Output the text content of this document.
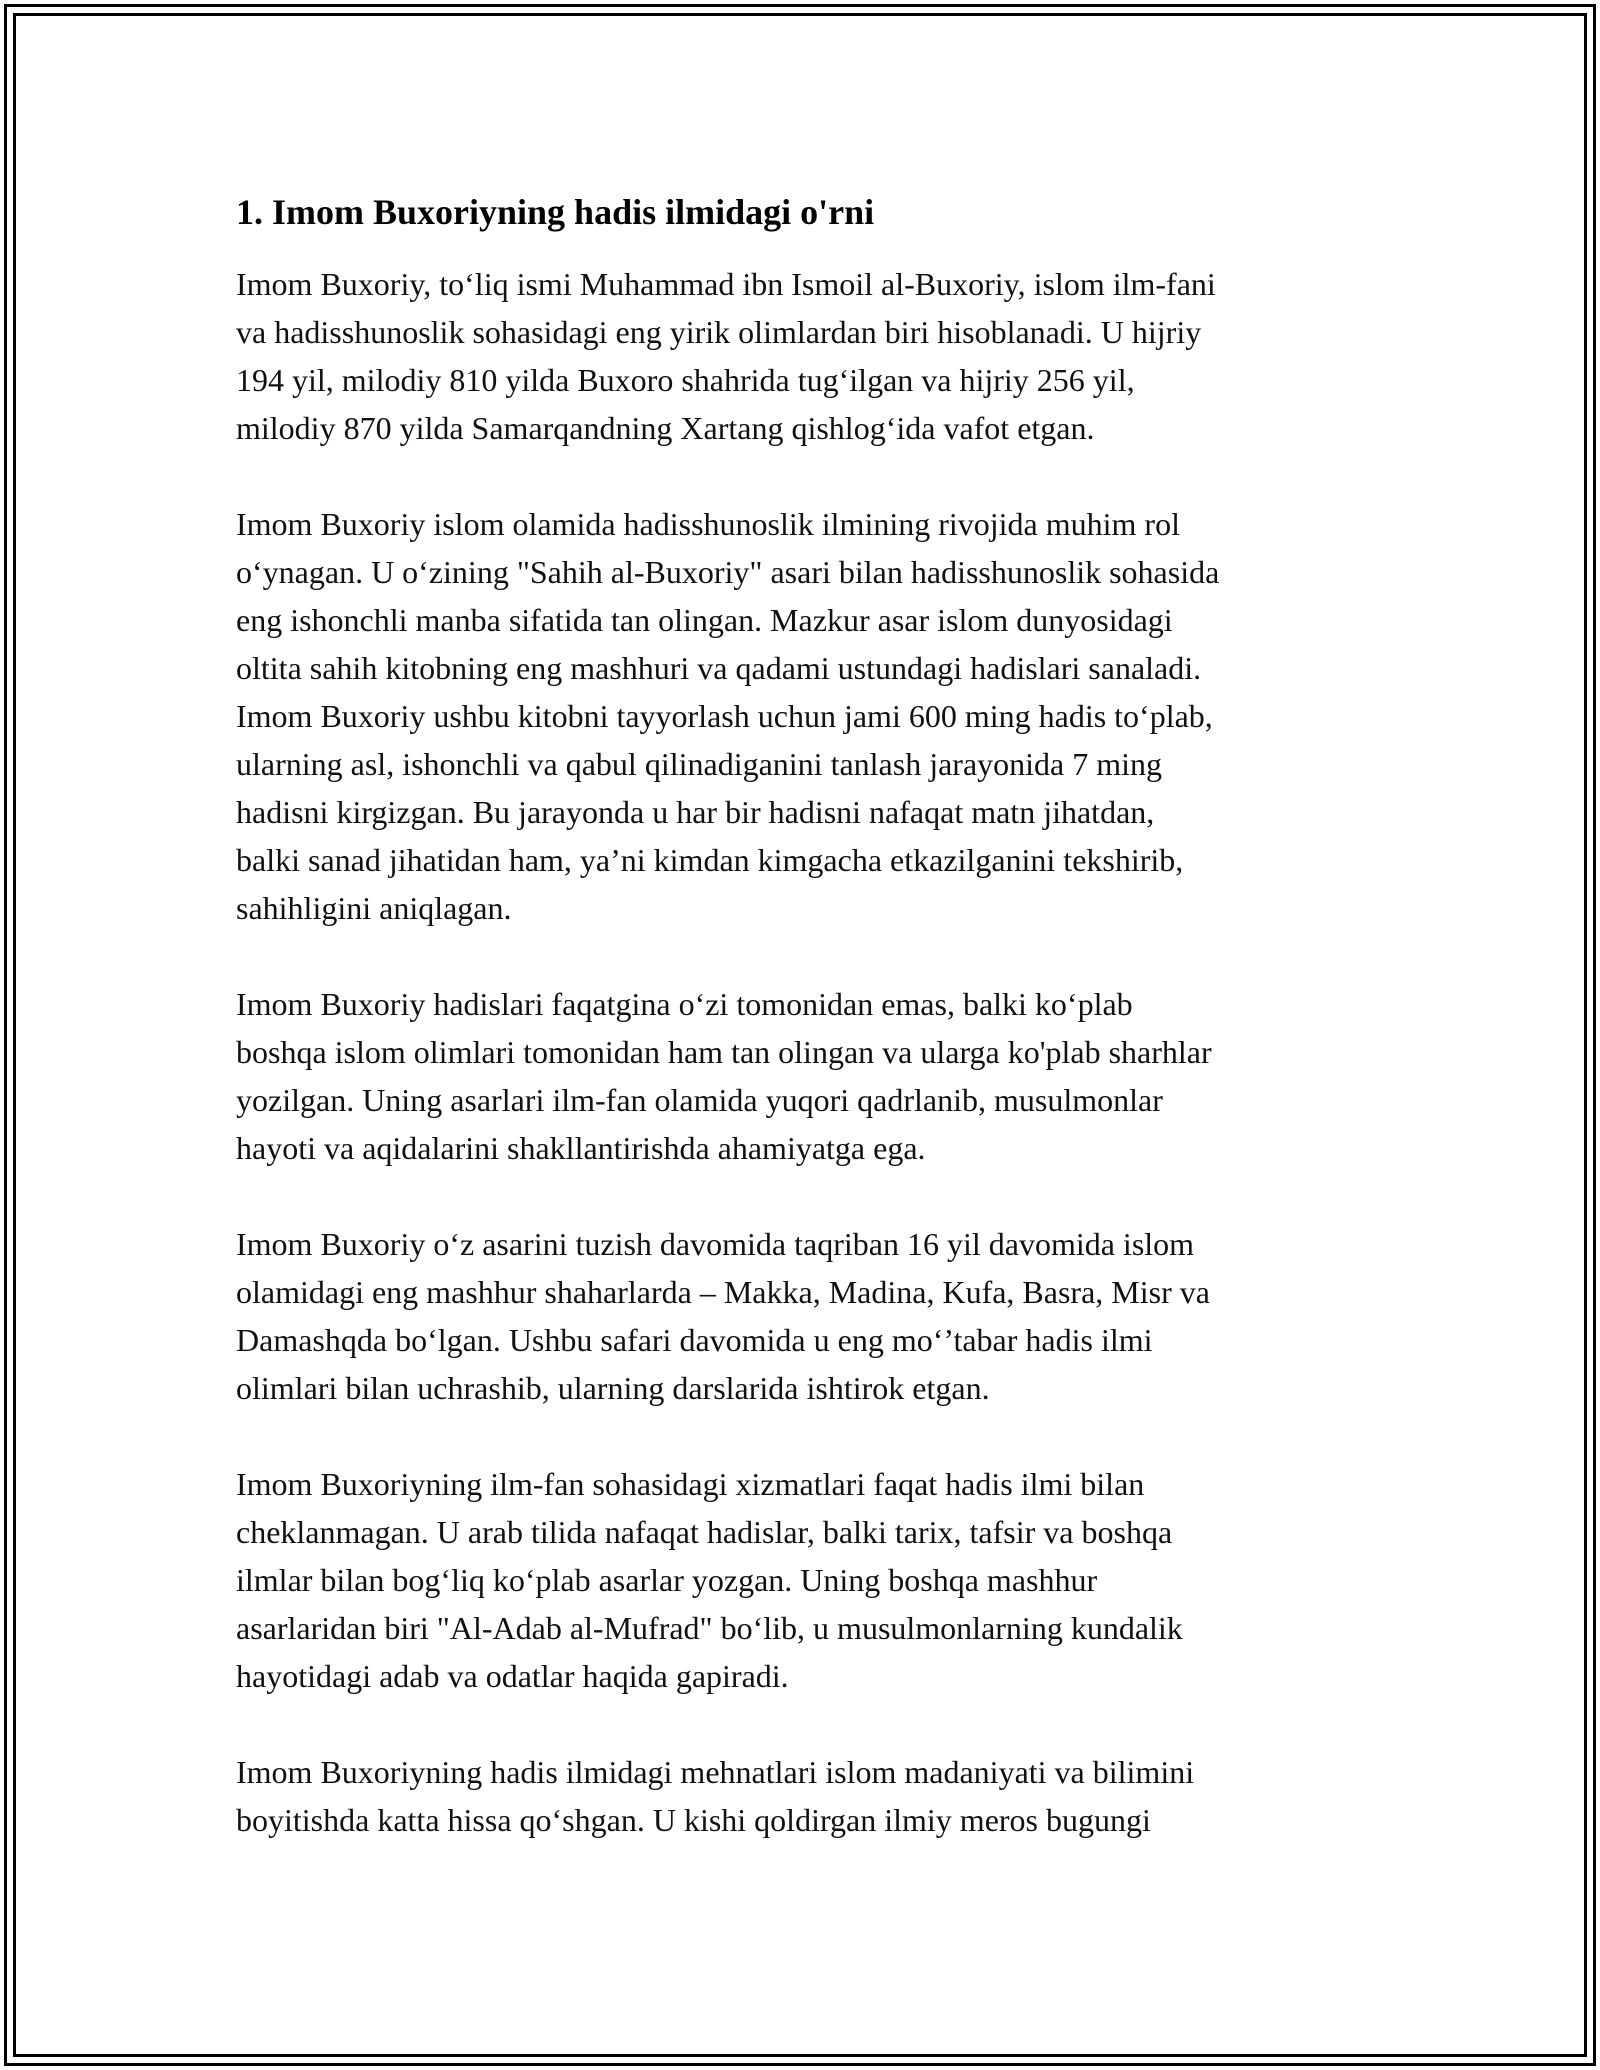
1. Imom Buxoriyning hadis ilmidagi o'rni

Imom Buxoriy, to‘liq ismi Muhammad ibn Ismoil al-Buxoriy, islom ilm-fani
va hadisshunoslik sohasidagi eng yirik olimlardan biri hisoblanadi. U hijriy
194 yil, milodiy 810 yilda Buxoro shahrida tug‘ilgan va hijriy 256 yil,
milodiy 870 yilda Samarqandning Xartang qishlog‘ida vafot etgan.

Imom Buxoriy islom olamida hadisshunoslik ilmining rivojida muhim rol
o‘ynagan. U o‘zining "Sahih al-Buxoriy" asari bilan hadisshunoslik sohasida
eng ishonchli manba sifatida tan olingan. Mazkur asar islom dunyosidagi
oltita sahih kitobning eng mashhuri va qadami ustundagi hadislari sanaladi.
Imom Buxoriy ushbu kitobni tayyorlash uchun jami 600 ming hadis to‘plab,
ularning asl, ishonchli va qabul qilinadiganini tanlash jarayonida 7 ming
hadisni kirgizgan. Bu jarayonda u har bir hadisni nafaqat matn jihatdan,
balki sanad jihatidan ham, ya’ni kimdan kimgacha etkazilganini tekshirib,
sahihligini aniqlagan.

Imom Buxoriy hadislari faqatgina o‘zi tomonidan emas, balki ko‘plab
boshqa islom olimlari tomonidan ham tan olingan va ularga ko'plab sharhlar
yozilgan. Uning asarlari ilm-fan olamida yuqori qadrlanib, musulmonlar
hayoti va aqidalarini shakllantirishda ahamiyatga ega.

Imom Buxoriy o‘z asarini tuzish davomida taqriban 16 yil davomida islom
olamidagi eng mashhur shaharlarda – Makka, Madina, Kufa, Basra, Misr va
Damashqda bo‘lgan. Ushbu safari davomida u eng mo‘’tabar hadis ilmi
olimlari bilan uchrashib, ularning darslarida ishtirok etgan.

Imom Buxoriyning ilm-fan sohasidagi xizmatlari faqat hadis ilmi bilan
cheklanmagan. U arab tilida nafaqat hadislar, balki tarix, tafsir va boshqa
ilmlar bilan bog‘liq ko‘plab asarlar yozgan. Uning boshqa mashhur
asarlaridan biri "Al-Adab al-Mufrad" bo‘lib, u musulmonlarning kundalik
hayotidagi adab va odatlar haqida gapiradi.

Imom Buxoriyning hadis ilmidagi mehnatlari islom madaniyati va bilimini
boyitishda katta hissa qo‘shgan. U kishi qoldirgan ilmiy meros bugungi
